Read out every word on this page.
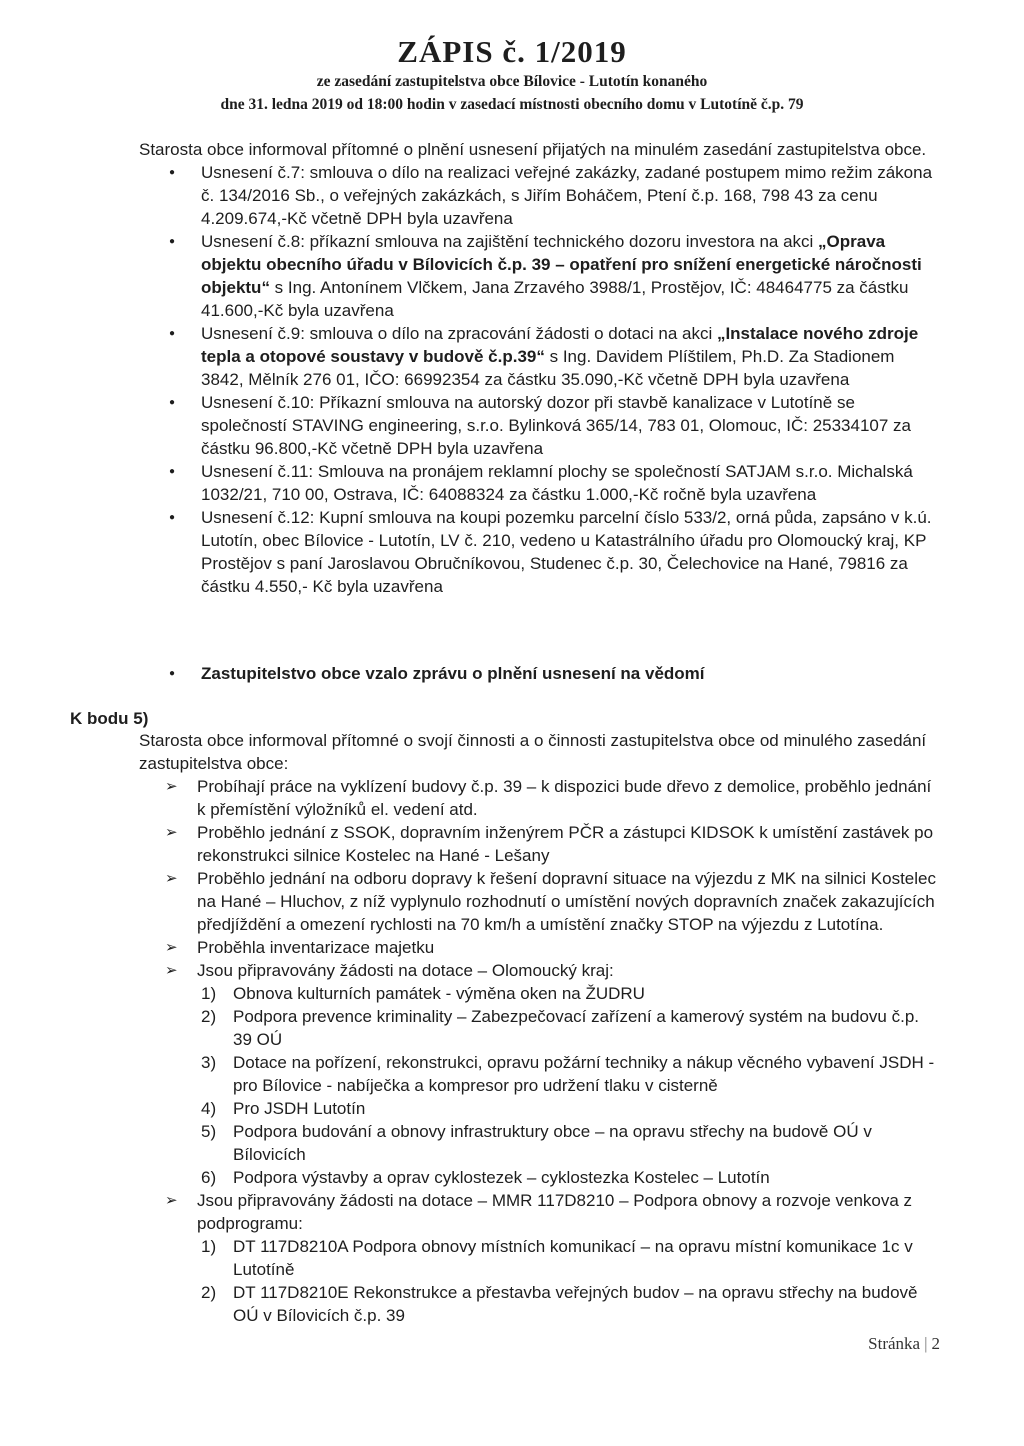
ZÁPIS č. 1/2019
ze zasedání zastupitelstva obce Bílovice - Lutotín konaného
dne 31. ledna 2019 od 18:00 hodin v zasedací místnosti obecního domu v Lutotíně č.p. 79

Starosta obce informoval přítomné o plnění usnesení přijatých na minulém zasedání zastupitelstva obce.

● Usnesení č.7: smlouva o dílo na realizaci veřejné zakázky, zadané postupem mimo režim zákona č. 134/2016 Sb., o veřejných zakázkách, s Jiřím Boháčem, Ptení č.p. 168, 798 43 za cenu 4.209.674,-Kč včetně DPH byla uzavřena
● Usnesení č.8: příkazní smlouva na zajištění technického dozoru investora na akci „Oprava objektu obecního úřadu v Bílovicích č.p. 39 – opatření pro snížení energetické náročnosti objektu“ s Ing. Antonínem Vlčkem, Jana Zrzavého 3988/1, Prostějov, IČ: 48464775 za částku 41.600,-Kč byla uzavřena
● Usnesení č.9: smlouva o dílo na zpracování žádosti o dotaci na akci „Instalace nového zdroje tepla a otopové soustavy v budově č.p.39“ s Ing. Davidem Plíštilem, Ph.D. Za Stadionem 3842, Mělník 276 01, IČO: 66992354 za částku 35.090,-Kč včetně DPH byla uzavřena
● Usnesení č.10: Příkazní smlouva na autorský dozor při stavbě kanalizace v Lutotíně se společností STAVING engineering, s.r.o. Bylinková 365/14, 783 01, Olomouc, IČ: 25334107 za částku 96.800,-Kč včetně DPH byla uzavřena
● Usnesení č.11: Smlouva na pronájem reklamní plochy se společností SATJAM s.r.o. Michalská 1032/21, 710 00, Ostrava, IČ: 64088324 za částku 1.000,-Kč ročně byla uzavřena
● Usnesení č.12: Kupní smlouva na koupi pozemku parcelní číslo 533/2, orná půda, zapsáno v k.ú. Lutotín, obec Bílovice - Lutotín, LV č. 210, vedeno u Katastrálního úřadu pro Olomoucký kraj, KP Prostějov s paní Jaroslavou Obručníkovou, Studenec č.p. 30, Čelechovice na Hané, 79816 za částku 4.550,- Kč byla uzavřena
● Zastupitelstvo obce vzalo zprávu o plnění usnesení na vědomí
K bodu 5)

Starosta obce informoval přítomné o svojí činnosti a o činnosti zastupitelstva obce od minulého zasedání zastupitelstva obce:

➢ Probíhají práce na vyklízení budovy č.p. 39 – k dispozici bude dřevo z demolice, proběhlo jednání k přemístění výložníků el. vedení atd.
➢ Proběhlo jednání z SSOK, dopravním inženýrem PČR a zástupci KIDSOK k umístění zastávek po rekonstrukci silnice Kostelec na Hané - Lešany
➢ Proběhlo jednání na odboru dopravy k řešení dopravní situace na výjezdu z MK na silnici Kostelec na Hané – Hluchov, z níž vyplynulo rozhodnutí o umístění nových dopravních značek zakazujících předjíždění a omezení rychlosti na 70 km/h a umístění značky STOP na výjezdu z Lutotína.
➢ Proběhla inventarizace majetku
➢ Jsou připravovány žádosti na dotace – Olomoucký kraj:
1) Obnova kulturních památek - výměna oken na ŽUDRU
2) Podpora prevence kriminality – Zabezpečovací zařízení a kamerový systém na budovu č.p. 39 OÚ
3) Dotace na pořízení, rekonstrukci, opravu požární techniky a nákup věcného vybavení JSDH - pro Bílovice - nabíječka a kompresor pro udržení tlaku v cisterně
4) Pro JSDH Lutotín
5) Podpora budování a obnovy infrastruktury obce – na opravu střechy na budově OÚ v Bílovicích
6) Podpora výstavby a oprav cyklostezek – cyklostezka Kostelec – Lutotín
➢ Jsou připravovány žádosti na dotace – MMR 117D8210 – Podpora obnovy a rozvoje venkova z podprogramu:
1) DT 117D8210A Podpora obnovy místních komunikací – na opravu místní komunikace 1c v Lutotíně
2) DT 117D8210E Rekonstrukce a přestavba veřejných budov – na opravu střechy na budově OÚ v Bílovicích č.p. 39
Stránka | 2
